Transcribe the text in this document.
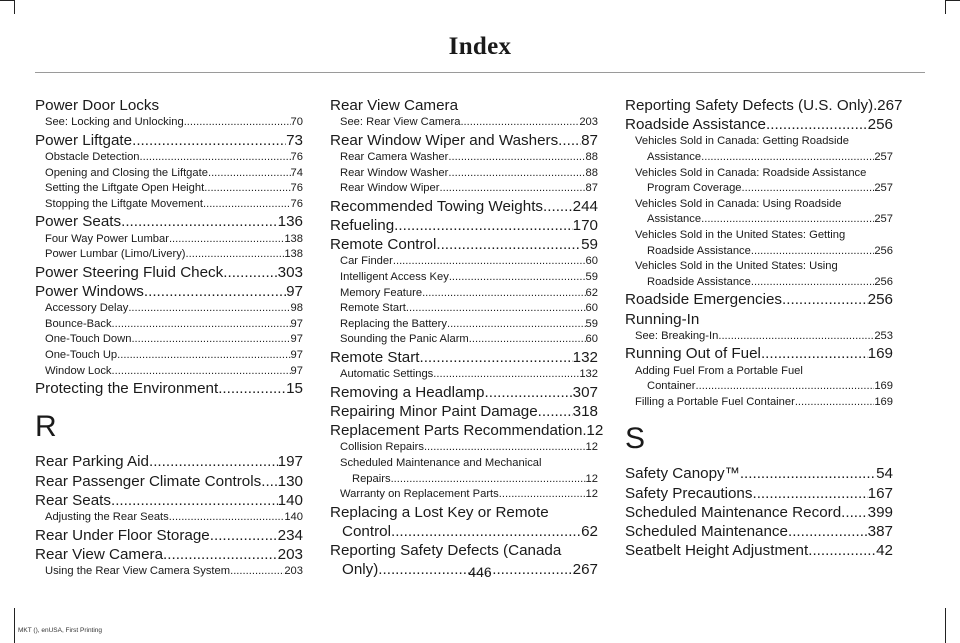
Index
Power Door Locks
See: Locking and Unlocking .....	70
Power Liftgate .....	73
Obstacle Detection .....	76
Opening and Closing the Liftgate .....	74
Setting the Liftgate Open Height .....	76
Stopping the Liftgate Movement .....	76
Power Seats .....	136
Four Way Power Lumbar .....	138
Power Lumbar (Limo/Livery) .....	138
Power Steering Fluid Check .....	303
Power Windows .....	97
Accessory Delay .....	98
Bounce-Back .....	97
One-Touch Down .....	97
One-Touch Up .....	97
Window Lock .....	97
Protecting the Environment .....	15
R
Rear Parking Aid .....	197
Rear Passenger Climate Controls ..... 130
Rear Seats .....	140
Adjusting the Rear Seats .....	140
Rear Under Floor Storage .....	234
Rear View Camera .....	203
Using the Rear View Camera System .....	203
Rear View Camera
See: Rear View Camera .....	203
Rear Window Wiper and Washers ..... 87
Rear Camera Washer .....	88
Rear Window Washer .....	88
Rear Window Wiper .....	87
Recommended Towing Weights ..... 244
Refueling .....	170
Remote Control .....	59
Car Finder .....	60
Intelligent Access Key .....	59
Memory Feature .....	62
Remote Start .....	60
Replacing the Battery .....	59
Sounding the Panic Alarm .....	60
Remote Start .....	132
Automatic Settings .....	132
Removing a Headlamp .....	307
Repairing Minor Paint Damage ..... 318
Replacement Parts Recommendation ..... 12
Collision Repairs .....	12
Scheduled Maintenance and Mechanical
Repairs .....	12
Warranty on Replacement Parts .....	12
Replacing a Lost Key or Remote
Control .....	62
Reporting Safety Defects (Canada
Only) .....	267
Reporting Safety Defects (U.S. Only) ..... 267
Roadside Assistance .....	256
Vehicles Sold in Canada: Getting Roadside
Assistance .....	257
Vehicles Sold in Canada: Roadside Assistance
Program Coverage .....	257
Vehicles Sold in Canada: Using Roadside
Assistance .....	257
Vehicles Sold in the United States: Getting
Roadside Assistance .....	256
Vehicles Sold in the United States: Using
Roadside Assistance .....	256
Roadside Emergencies .....	256
Running-In
See: Breaking-In .....	253
Running Out of Fuel .....	169
Adding Fuel From a Portable Fuel
Container .....	169
Filling a Portable Fuel Container .....	169
S
Safety Canopy™ .....	54
Safety Precautions .....	167
Scheduled Maintenance Record ..... 399
Scheduled Maintenance .....	387
Seatbelt Height Adjustment .....	42
446
MKT (), enUSA, First Printing
